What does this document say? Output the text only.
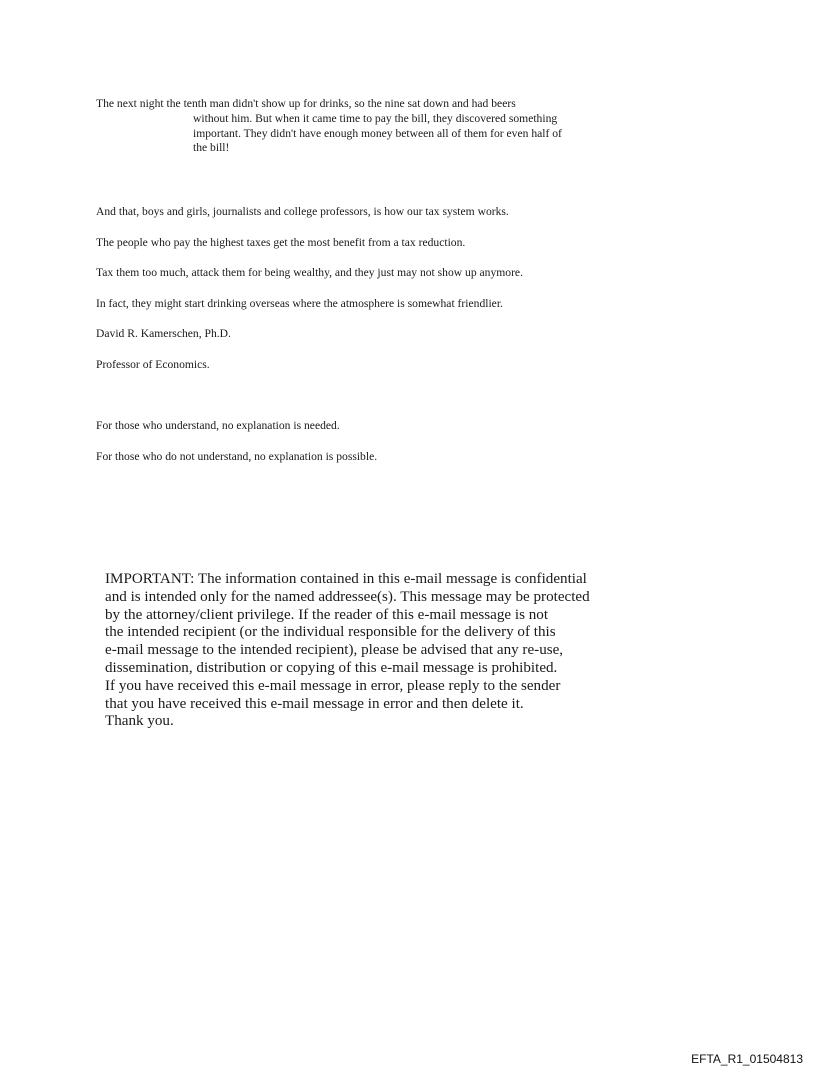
The next night the tenth man didn't show up for drinks, so the nine sat down and had beers
without him. But when it came time to pay the bill, they discovered something
important. They didn't have enough money between all of them for even half of
the bill!
And that, boys and girls, journalists and college professors, is how our tax system works.
The people who pay the highest taxes get the most benefit from a tax reduction.
Tax them too much, attack them for being wealthy, and they just may not show up anymore.
In fact, they might start drinking overseas where the atmosphere is somewhat friendlier.
David R. Kamerschen, Ph.D.
Professor of Economics.
For those who understand, no explanation is needed.
For those who do not understand, no explanation is possible.
IMPORTANT: The information contained in this e-mail message is confidential
and is intended only for the named addressee(s). This message may be protected
by the attorney/client privilege. If the reader of this e-mail message is not
the intended recipient (or the individual responsible for the delivery of this
e-mail message to the intended recipient), please be advised that any re-use,
dissemination, distribution or copying of this e-mail message is prohibited.
If you have received this e-mail message in error, please reply to the sender
that you have received this e-mail message in error and then delete it.
Thank you.
EFTA_R1_01504813
